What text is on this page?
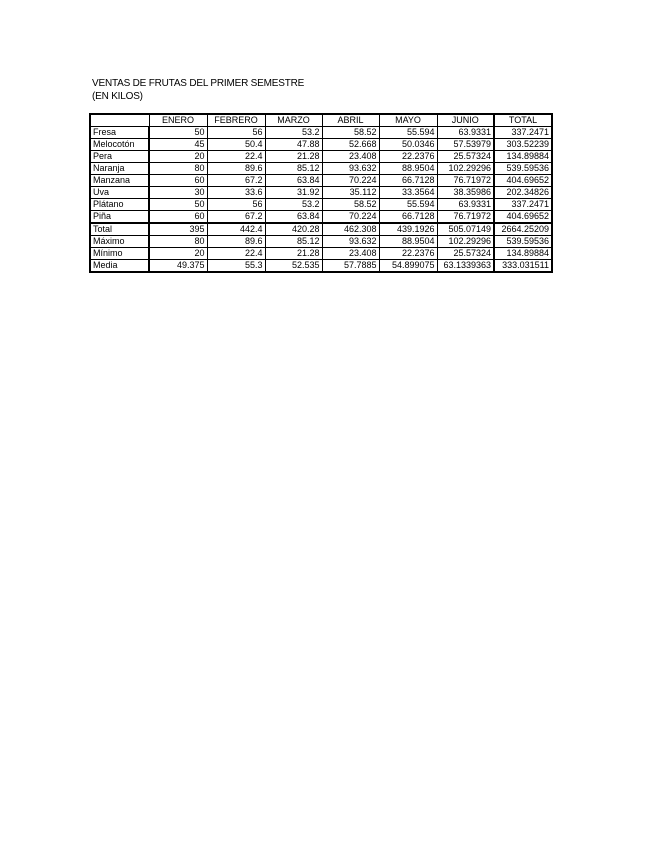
VENTAS DE FRUTAS DEL PRIMER SEMESTRE
(EN KILOS)
	ENERO	FEBRERO	MARZO	ABRIL	MAYO	JUNIO	TOTAL
Fresa	50	56	53.2	58.52	55.594	63.9331	337.2471
Melocotón	45	50.4	47.88	52.668	50.0346	57.53979	303.52239
Pera	20	22.4	21.28	23.408	22.2376	25.57324	134.89884
Naranja	80	89.6	85.12	93.632	88.9504	102.29296	539.59536
Manzana	60	67.2	63.84	70.224	66.7128	76.71972	404.69652
Uva	30	33.6	31.92	35.112	33.3564	38.35986	202.34826
Plátano	50	56	53.2	58.52	55.594	63.9331	337.2471
Piña	60	67.2	63.84	70.224	66.7128	76.71972	404.69652
Total	395	442.4	420.28	462.308	439.1926	505.07149	2664.25209
Máximo	80	89.6	85.12	93.632	88.9504	102.29296	539.59536
Mínimo	20	22.4	21.28	23.408	22.2376	25.57324	134.89884
Media	49.375	55.3	52.535	57.7885	54.899075	63.1339363	333.031511
